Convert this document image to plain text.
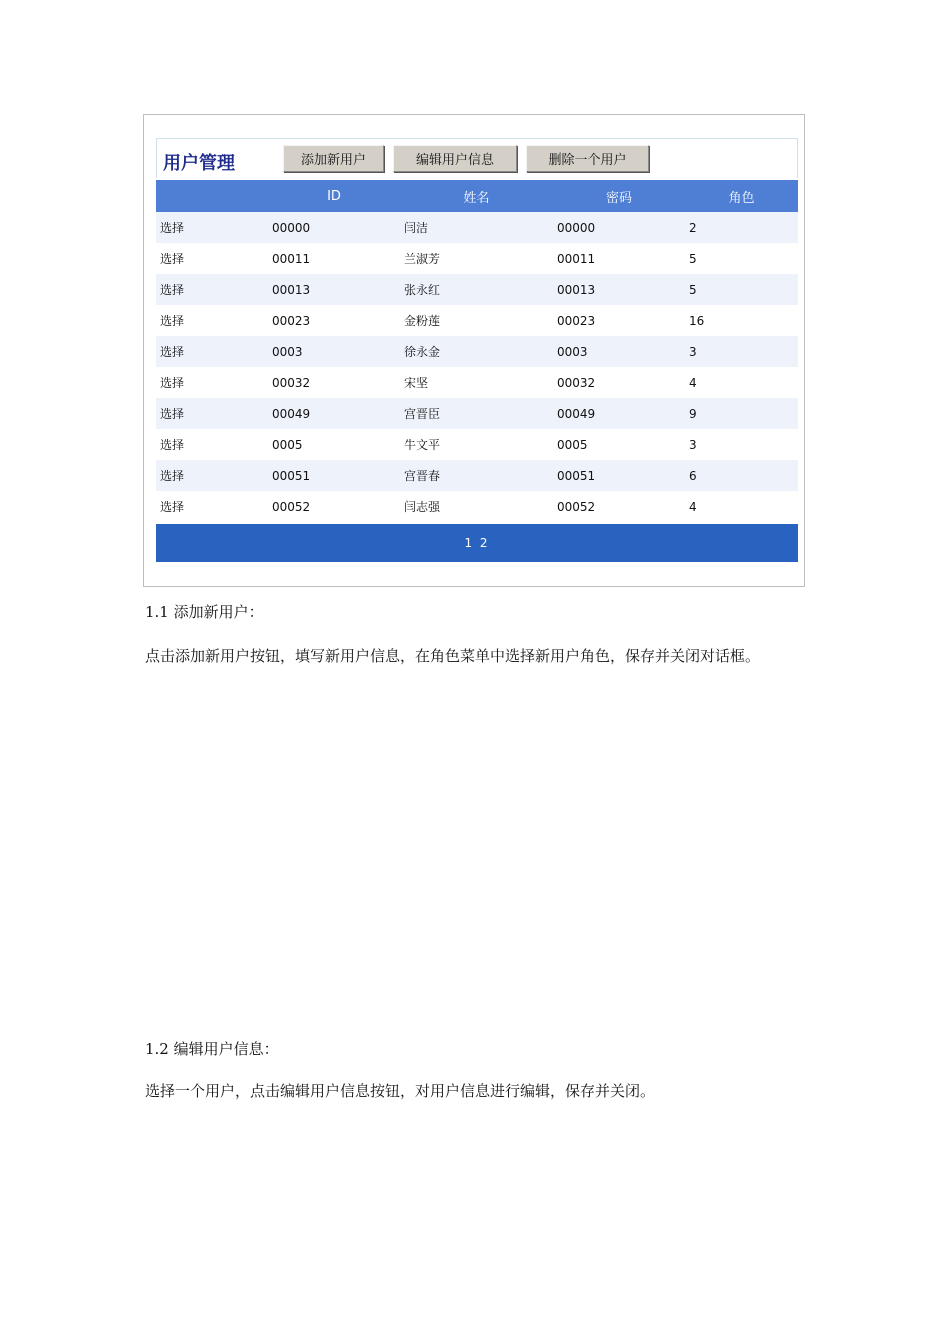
用户管理	添加新用户	编辑用户信息	删除一个用户
	ID	姓名	密码	角色
选择	00000	闫洁	00000	2
选择	00011	兰淑芳	00011	5
选择	00013	张永红	00013	5
选择	00023	金粉莲	00023	16
选择	0003	徐永金	0003	3
选择	00032	宋坚	00032	4
选择	00049	宫晋臣	00049	9
选择	0005	牛文平	0005	3
选择	00051	宫晋春	00051	6
选择	00052	闫志强	00052	4
1 2
1.1 添加新用户：
点击添加新用户按钮，填写新用户信息，在角色菜单中选择新用户角色，保存并关闭对话框。
1.2 编辑用户信息：
选择一个用户，点击编辑用户信息按钮，对用户信息进行编辑，保存并关闭。
